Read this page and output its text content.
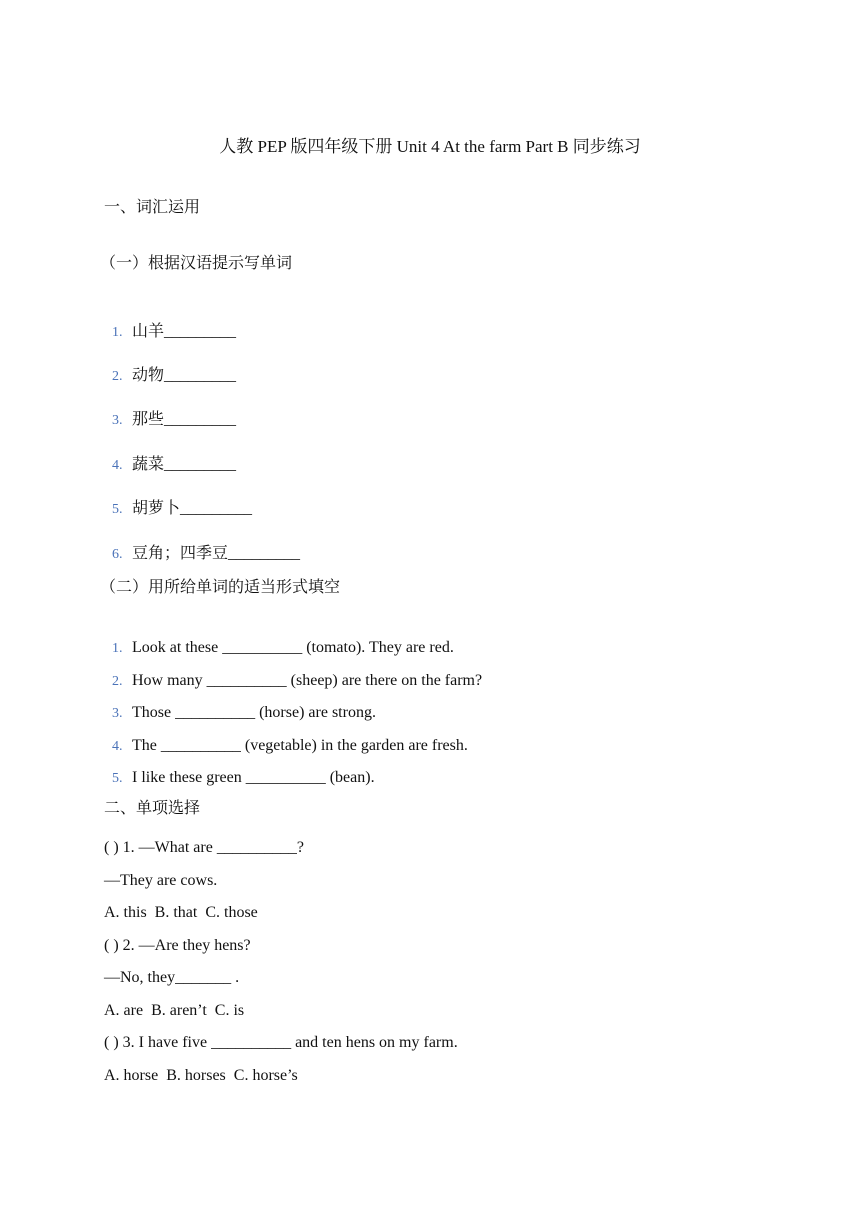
人教 PEP 版四年级下册 Unit 4 At the farm Part B 同步练习
一、词汇运用
（一）根据汉语提示写单词

1. 山羊_________

2. 动物_________

3. 那些_________

4. 蔬菜_________

5. 胡萝卜_________

6. 豆角；四季豆_________

（二）用所给单词的适当形式填空

1. Look at these __________ (tomato). They are red.

2. How many __________ (sheep) are there on the farm?

3. Those __________ (horse) are strong.

4. The __________ (vegetable) in the garden are fresh.

5. I like these green __________ (bean).

二、单项选择
( ) 1. —What are __________?
—They are cows.
A. this  B. that  C. those
( ) 2. —Are they hens?
—No, they_______ .
A. are  B. aren’t  C. is
( ) 3. I have five __________ and ten hens on my farm.
A. horse  B. horses  C. horse’s
